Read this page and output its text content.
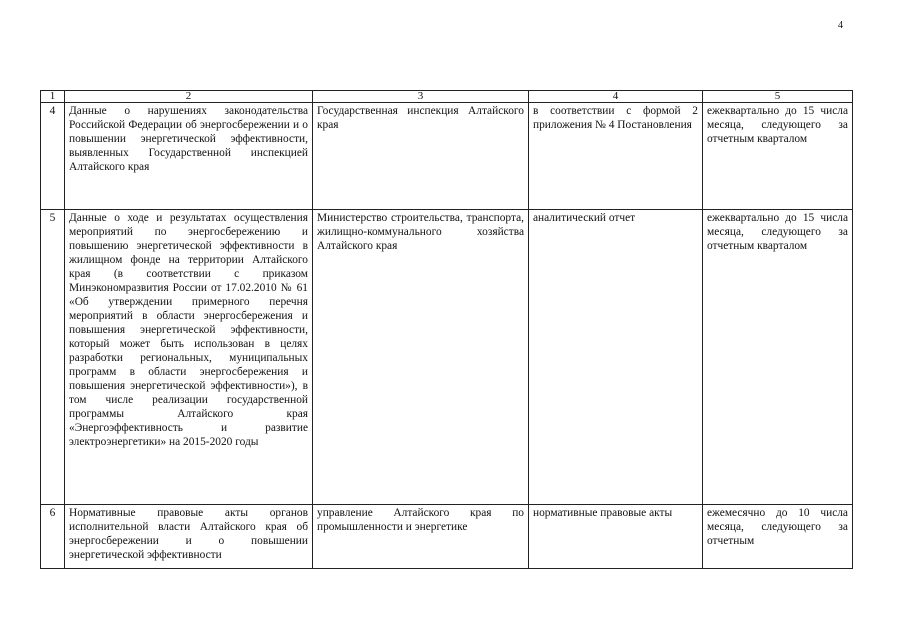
4
1	2	3	4	5
4	Данные о нарушениях законодательства Российской Федерации об энергосбережении и о повышении энергетической эффективности, выявленных Государственной инспекцией Алтайского края	Государственная инспекция Алтайского края	в соответствии с формой 2 приложения № 4 Постановления	ежеквартально до 15 числа месяца, следующего за отчетным кварталом
5	Данные о ходе и результатах осуществления мероприятий по энергосбережению и повышению энергетической эффективности в жилищном фонде на территории Алтайского края (в соответствии с приказом Минэкономразвития России от 17.02.2010 № 61 «Об утверждении примерного перечня мероприятий в области энергосбережения и повышения энергетической эффективности, который может быть использован в целях разработки региональных, муниципальных программ в области энергосбережения и повышения энергетической эффективности»), в том числе реализации государственной программы Алтайского края «Энергоэффективность и развитие электроэнергетики» на 2015-2020 годы	Министерство строительства, транспорта, жилищно-коммунального хозяйства Алтайского края	аналитический отчет	ежеквартально до 15 числа месяца, следующего за отчетным кварталом
6	Нормативные правовые акты органов исполнительной власти Алтайского края об энергосбережении и о повышении энергетической эффективности	управление Алтайского края по промышленности и энергетике	нормативные правовые акты	ежемесячно до 10 числа месяца, следующего за отчетным
